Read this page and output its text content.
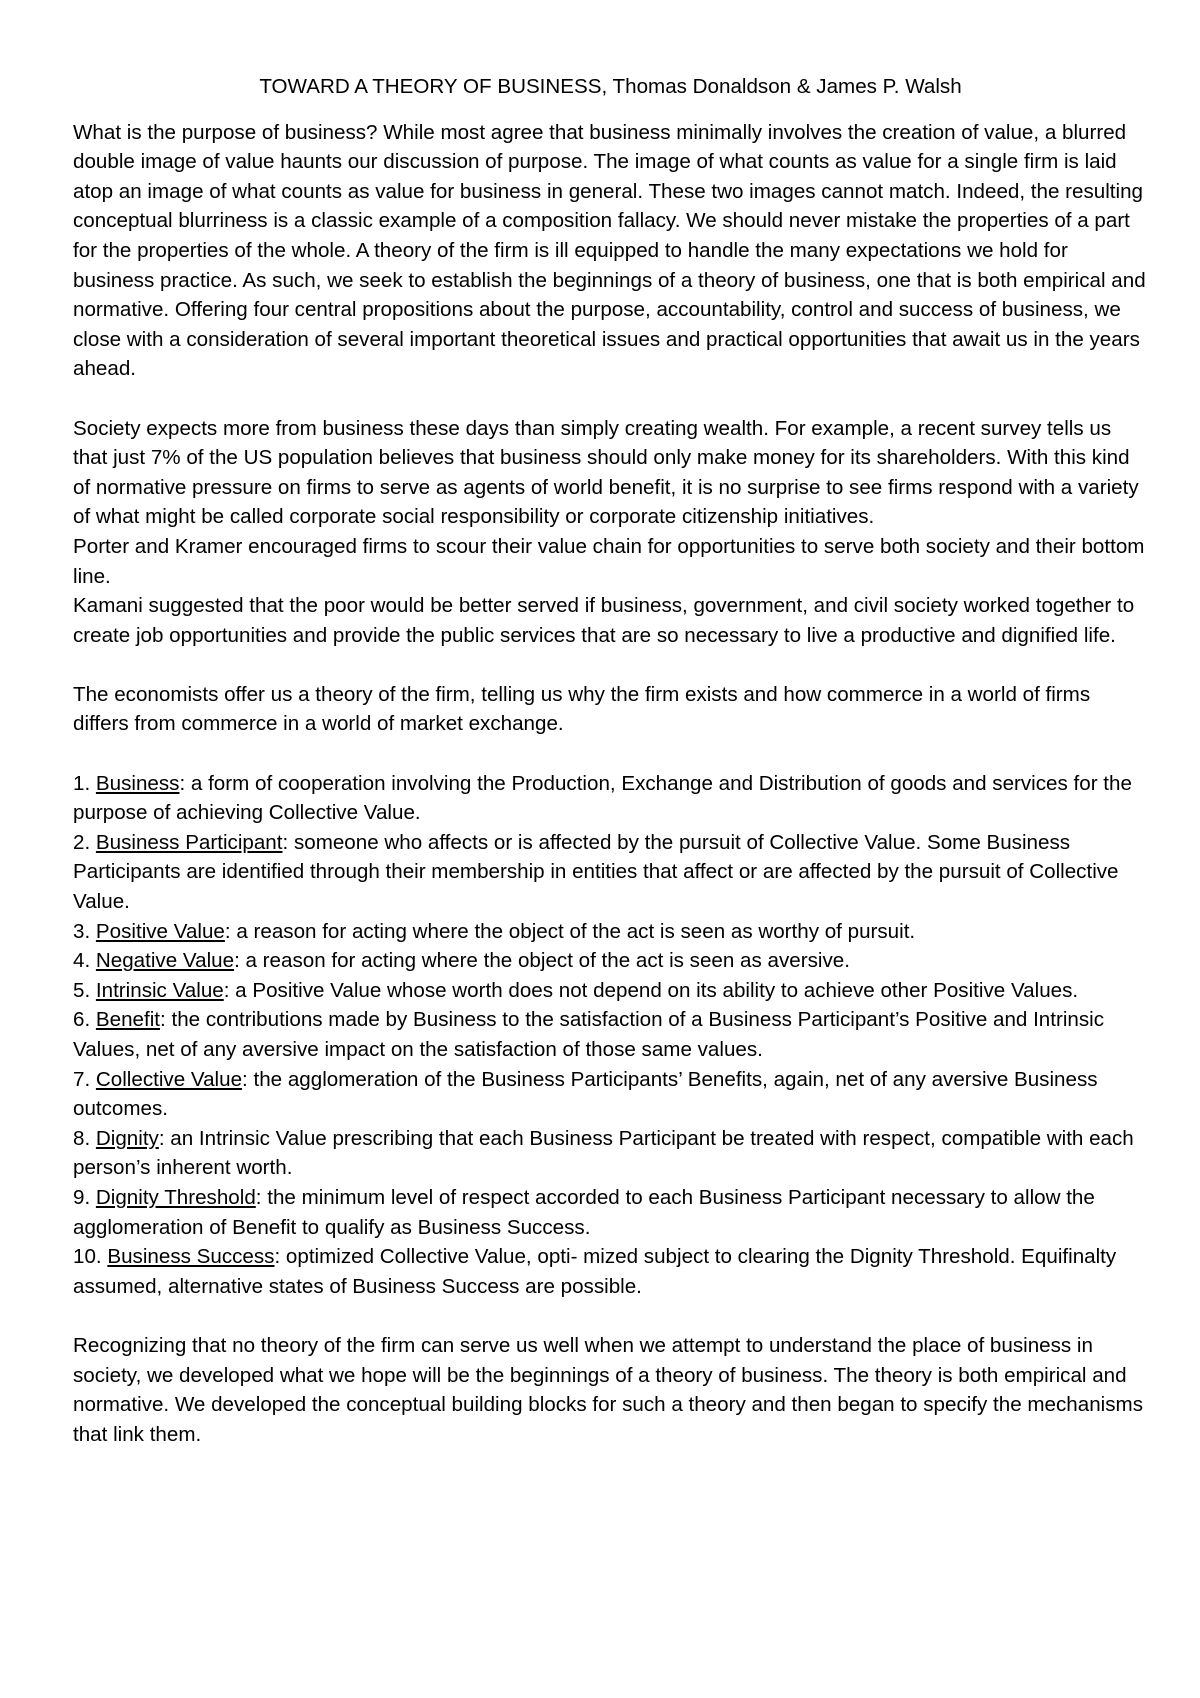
TOWARD A THEORY OF BUSINESS, Thomas Donaldson & James P. Walsh

What is the purpose of business? While most agree that business minimally involves the creation of value, a blurred double image of value haunts our discussion of purpose. The image of what counts as value for a single firm is laid atop an image of what counts as value for business in general. These two images cannot match. Indeed, the resulting conceptual blurriness is a classic example of a composition fallacy. We should never mistake the properties of a part for the properties of the whole. A theory of the firm is ill equipped to handle the many expectations we hold for business practice. As such, we seek to establish the beginnings of a theory of business, one that is both empirical and normative. Offering four central propositions about the purpose, accountability, control and success of business, we close with a consideration of several important theoretical issues and practical opportunities that await us in the years ahead.

Society expects more from business these days than simply creating wealth. For example, a recent survey tells us that just 7% of the US population believes that business should only make money for its shareholders. With this kind of normative pressure on firms to serve as agents of world benefit, it is no surprise to see firms respond with a variety of what might be called corporate social responsibility or corporate citizenship initiatives.

Porter and Kramer encouraged firms to scour their value chain for opportunities to serve both society and their bottom line.

Kamani suggested that the poor would be better served if business, government, and civil society worked together to create job opportunities and provide the public services that are so necessary to live a productive and dignified life.

The economists offer us a theory of the firm, telling us why the firm exists and how commerce in a world of firms differs from commerce in a world of market exchange.

1. Business: a form of cooperation involving the Production, Exchange and Distribution of goods and services for the purpose of achieving Collective Value.

2. Business Participant: someone who affects or is affected by the pursuit of Collective Value. Some Business Participants are identified through their membership in entities that affect or are affected by the pursuit of Collective Value.

3. Positive Value: a reason for acting where the object of the act is seen as worthy of pursuit.

4. Negative Value: a reason for acting where the object of the act is seen as aversive.

5. Intrinsic Value: a Positive Value whose worth does not depend on its ability to achieve other Positive Values.

6. Benefit: the contributions made by Business to the satisfaction of a Business Participant’s Positive and Intrinsic Values, net of any aversive impact on the satisfaction of those same values.

7. Collective Value: the agglomeration of the Business Participants’ Benefits, again, net of any aversive Business outcomes.

8. Dignity: an Intrinsic Value prescribing that each Business Participant be treated with respect, compatible with each person’s inherent worth.

9. Dignity Threshold: the minimum level of respect accorded to each Business Participant necessary to allow the agglomeration of Benefit to qualify as Business Success.

10. Business Success: optimized Collective Value, opti- mized subject to clearing the Dignity Threshold. Equifinalty assumed, alternative states of Business Success are possible.

Recognizing that no theory of the firm can serve us well when we attempt to understand the place of business in society, we developed what we hope will be the beginnings of a theory of business. The theory is both empirical and normative. We developed the conceptual building blocks for such a theory and then began to specify the mechanisms that link them.
